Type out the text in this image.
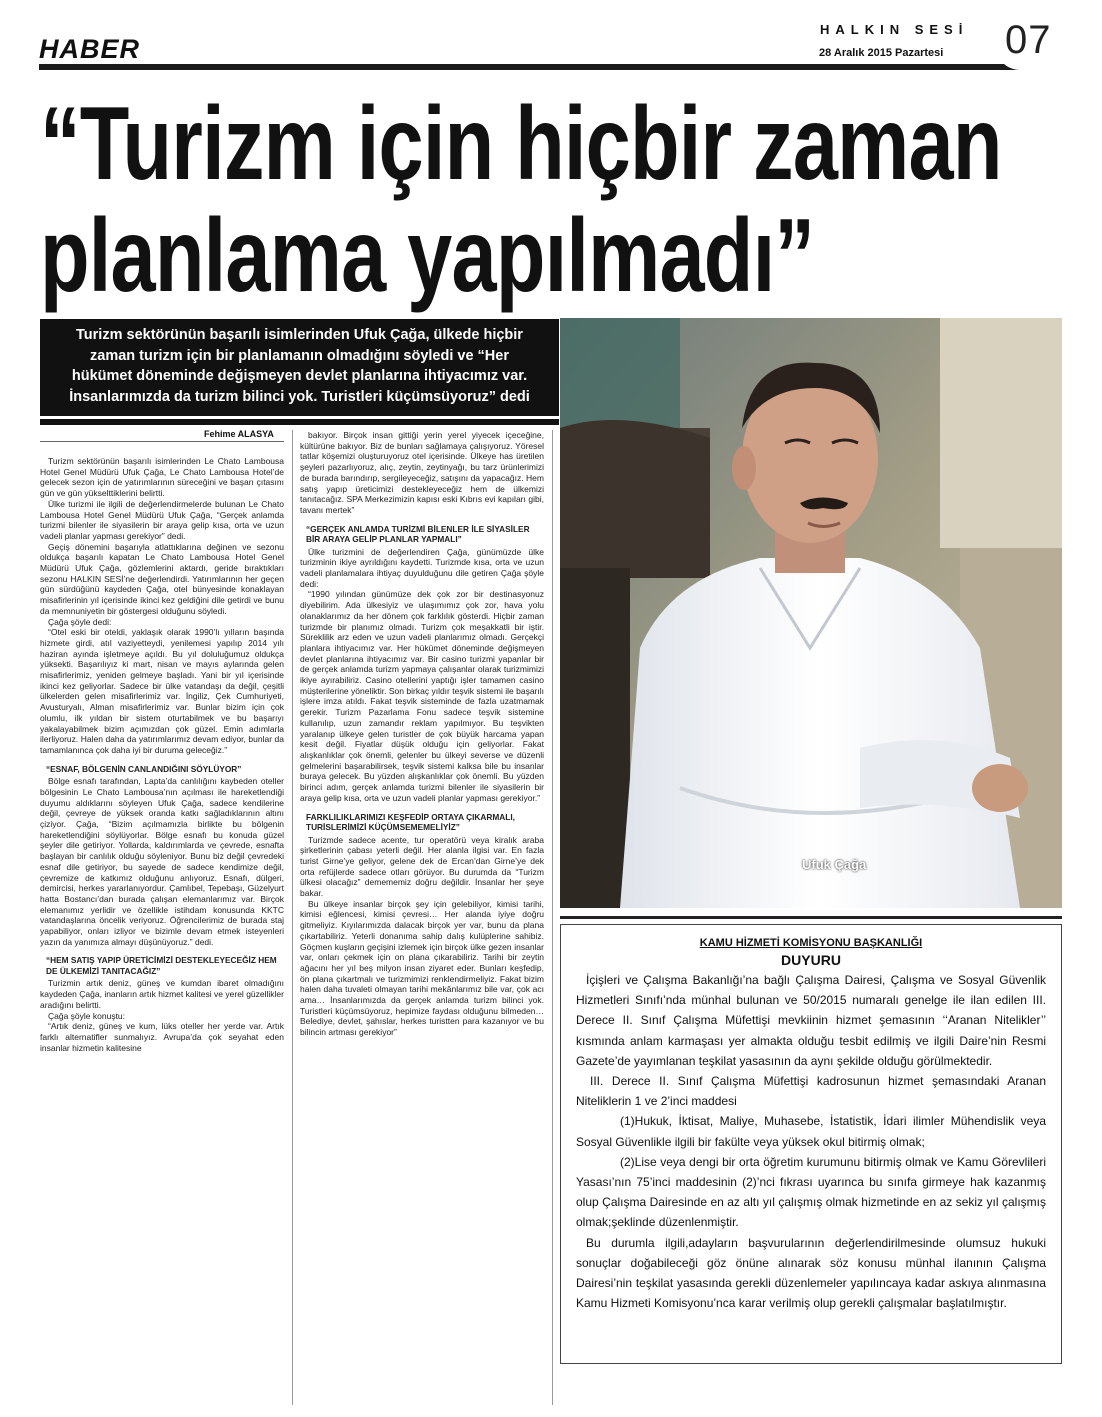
HABER
HALKIN SESİ
28 Aralık 2015 Pazartesi 07
“Turizm için hiçbir zaman
planlama yapılmadı”
Turizm sektörünün başarılı isimlerinden Ufuk Çağa, ülkede hiçbir
zaman turizm için bir planlamanın olmadığını söyledi ve “Her
hükümet döneminde değişmeyen devlet planlarına ihtiyacımız var.
İnsanlarımızda da turizm bilinci yok. Turistleri küçümsüyoruz” dedi
Ufuk Çağa
Fehime ALASYA

Turizm sektörünün başarılı isimlerinden Le Chato Lambousa Hotel Genel Müdürü Ufuk Çağa, Le Chato Lambousa Hotel’de gelecek sezon için de yatırımlarının süreceğini ve başarı çıtasını gün ve gün yükselttiklerini belirtti.

Ülke turizmi ile ilgili de değerlendirmelerde bulunan Le Chato Lambousa Hotel Genel Müdürü Ufuk Çağa, “Gerçek anlamda turizmi bilenler ile siyasilerin bir araya gelip kısa, orta ve uzun vadeli planlar yapması gerekiyor” dedi.

Geçiş dönemini başarıyla atlattıklarına değinen ve sezonu oldukça başarılı kapatan Le Chato Lambousa Hotel Genel Müdürü Ufuk Çağa, gözlemlerini aktardı, geride bıraktıkları sezonu HALKIN SESİ’ne değerlendirdi. Yatırımlarının her geçen gün sürdüğünü kaydeden Çağa, otel bünyesinde konaklayan misafirlerinin yıl içerisinde ikinci kez geldiğini dile getirdi ve bunu da memnuniyetin bir göstergesi olduğunu söyledi.

Çağa şöyle dedi:

“Otel eski bir oteldi, yaklaşık olarak 1990’lı yılların başında hizmete girdi, atıl vaziyetteydi, yenilemesi yapılıp 2014 yılı haziran ayında işletmeye açıldı. Bu yıl doluluğumuz oldukça yüksekti. Başarılıyız ki mart, nisan ve mayıs aylarında gelen misafirlerimiz, yeniden gelmeye başladı. Yani bir yıl içerisinde ikinci kez geliyorlar. Sadece bir ülke vatandaşı da değil, çeşitli ülkelerden gelen misafirlerimiz var. İngiliz, Çek Cumhuriyeti, Avusturyalı, Alman misafirlerimiz var. Bunlar bizim için çok olumlu, ilk yıldan bir sistem oturtabilmek ve bu başarıyı yakalayabilmek bizim açımızdan çok güzel. Emin adımlarla ilerliyoruz. Halen daha da yatırımlarımız devam ediyor, bunlar da tamamlanınca çok daha iyi bir duruma geleceğiz.”

“ESNAF, BÖLGENİN CANLANDIĞINI SÖYLÜYOR”

Bölge esnafı tarafından, Lapta’da canlılığını kaybeden oteller bölgesinin Le Chato Lambousa’nın açılması ile hareketlendiği duyumu aldıklarını söyleyen Ufuk Çağa, sadece kendilerine değil, çevreye de yüksek oranda katkı sağladıklarının altını çiziyor. Çağa, “Bizim açılmamızla birlikte bu bölgenin hareketlendiğini söylüyorlar. Bölge esnafı bu konuda güzel şeyler dile getiriyor. Yollarda, kaldırımlarda ve çevrede, esnafta başlayan bir canlılık olduğu söyleniyor. Bunu biz değil çevredeki esnaf dile getiriyor, bu sayede de sadece kendimize değil, çevremize de katkımız olduğunu anlıyoruz. Esnafı, dülgeri, demircisi, herkes yararlanıyordur. Çamlıbel, Tepebaşı, Güzelyurt hatta Bostancı’dan burada çalışan elemanlarımız var. Birçok elemanımız yerlidir ve özellikle istihdam konusunda KKTC vatandaşlarına öncelik veriyoruz. Öğrencilerimiz de burada staj yapabiliyor, onları izliyor ve bizimle devam etmek isteyenleri yazın da yanımıza almayı düşünüyoruz.” dedi.

“HEM SATIŞ YAPIP ÜRETİCİMİZİ DESTEKLEYECEĞİZ HEM DE ÜLKEMİZİ TANITACAĞIZ”

Turizmin artık deniz, güneş ve kumdan ibaret olmadığını kaydeden Çağa, inanların artık hizmet kalitesi ve yerel güzellikler aradığını belirtti.

Çağa şöyle konuştu:

“Artık deniz, güneş ve kum, lüks oteller her yerde var. Artık farklı alternatifler sunmalıyız. Avrupa’da çok seyahat eden insanlar hizmetin kalitesine

bakıyor. Birçok insan gittiği yerin yerel yiyecek içeceğine, kültürüne bakıyor. Biz de bunları sağlamaya çalışıyoruz. Yöresel tatlar köşemizi oluşturuyoruz otel içerisinde. Ülkeye has üretilen şeyleri pazarlıyoruz, alıç, zeytin, zeytinyağı, bu tarz ürünlerimizi de burada barındırıp, sergileyeceğiz, satışını da yapacağız. Hem satış yapıp üreticimizi destekleyeceğiz hem de ülkemizi tanıtacağız. SPA Merkezimizin kapısı eski Kıbrıs evi kapıları gibi, tavanı mertek”

“GERÇEK ANLAMDA TURİZMİ BİLENLER İLE SİYASİLER BİR ARAYA GELİP PLANLAR YAPMALI”

Ülke turizmini de değerlendiren Çağa, günümüzde ülke turizminin ikiye ayrıldığını kaydetti. Turizmde kısa, orta ve uzun vadeli planlamalara ihtiyaç duyulduğunu dile getiren Çağa şöyle dedi:

“1990 yılından günümüze dek çok zor bir destinasyonuz diyebilirim. Ada ülkesiyiz ve ulaşımımız çok zor, hava yolu olanaklarımız da her dönem çok farklılık gösterdi. Hiçbir zaman turizmde bir planımız olmadı. Turizm çok meşakkatli bir iştir. Süreklilik arz eden ve uzun vadeli planlarımız olmadı. Gerçekçi planlara ihtiyacımız var. Her hükümet döneminde değişmeyen devlet planlarına ihtiyacımız var. Bir casino turizmi yapanlar bir de gerçek anlamda turizm yapmaya çalışanlar olarak turizmimizi ikiye ayırabiliriz. Casino otellerini yaptığı işler tamamen casino müşterilerine yöneliktir. Son birkaç yıldır teşvik sistemi ile başarılı işlere imza atıldı. Fakat teşvik sisteminde de fazla uzatmamak gerekir. Turizm Pazarlama Fonu sadece teşvik sistemine kullanılıp, uzun zamandır reklam yapılmıyor. Bu teşvikten yaralanıp ülkeye gelen turistler de çok büyük harcama yapan kesit değil. Fiyatlar düşük olduğu için geliyorlar. Fakat alışkanlıklar çok önemli, gelenler bu ülkeyi severse ve düzenli gelmelerini başarabilirsek, teşvik sistemi kalksa bile bu insanlar buraya gelecek. Bu yüzden alışkanlıklar çok önemli. Bu yüzden birinci adım, gerçek anlamda turizmi bilenler ile siyasilerin bir araya gelip kısa, orta ve uzun vadeli planlar yapması gerekiyor.”

FARKLILIKLARIMIZI KEŞFEDİP ORTAYA ÇIKARMALI, TURİSLERİMİZİ KÜÇÜMSEMEMELİYİZ”

Turizmde sadece acente, tur operatörü veya kiralık araba şirketlerinin çabası yeterli değil. Her alanla ilgisi var. En fazla turist Girne’ye geliyor, gelene dek de Ercan’dan Girne’ye dek orta refüjlerde sadece otları görüyor. Bu durumda da “Turizm ülkesi olacağız” demememiz doğru değildir. İnsanlar her şeye bakar.

Bu ülkeye insanlar birçok şey için gelebiliyor, kimisi tarihi, kimisi eğlencesi, kimisi çevresi… Her alanda iyiye doğru gitmeliyiz. Kıyılarımızda dalacak birçok yer var, bunu da plana çıkartabiliriz. Yeterli donanıma sahip dalış kulüplerine sahibiz. Göçmen kuşların geçişini izlemek için birçok ülke gezen insanlar var, onları çekmek için on plana çıkarabiliriz. Tarihi bir zeytin ağacını her yıl beş milyon insan ziyaret eder. Bunları keşfedip, ön plana çıkartmalı ve turizmimizi renklendirmeliyiz. Fakat bizim halen daha tuvaleti olmayan tarihi mekânlarımız bile var, çok acı ama… İnsanlarımızda da gerçek anlamda turizm bilinci yok. Turistleri küçümsüyoruz, hepimize faydası olduğunu bilmeden… Belediye, devlet, şahıslar, herkes turistten para kazanıyor ve bu bilincin artması gerekiyor”

KAMU HİZMETİ KOMİSYONU BAŞKANLIĞI
DUYURU

İçişleri ve Çalışma Bakanlığı’na bağlı Çalışma Dairesi, Çalışma ve Sosyal Güvenlik Hizmetleri Sınıfı’nda münhal bulunan ve 50/2015 numaralı genelge ile ilan edilen III. Derece II. Sınıf Çalışma Müfettişi mevkiinin hizmet şemasının ‘‘Aranan Nitelikler’’ kısmında anlam karmaşası yer almakta olduğu tesbit edilmiş ve ilgili Daire’nin Resmi Gazete’de yayımlanan teşkilat yasasının da aynı şekilde olduğu görülmektedir.

III. Derece II. Sınıf Çalışma Müfettişi kadrosunun hizmet şemasındaki Aranan Niteliklerin 1 ve 2’inci maddesi

(1)Hukuk, İktisat, Maliye, Muhasebe, İstatistik, İdari ilimler Mühendislik veya Sosyal Güvenlikle ilgili bir fakülte veya yüksek okul bitirmiş olmak;

(2)Lise veya dengi bir orta öğretim kurumunu bitirmiş olmak ve Kamu Görevlileri Yasası’nın 75’inci maddesinin (2)’nci fıkrası uyarınca bu sınıfa girmeye hak kazanmış olup Çalışma Dairesinde en az altı yıl çalışmış olmak hizmetinde en az sekiz yıl çalışmış olmak;şeklinde düzenlenmiştir.

Bu durumla ilgili,adayların başvurularının değerlendirilmesinde olumsuz hukuki sonuçlar doğabileceği göz önüne alınarak söz konusu münhal ilanının Çalışma Dairesi’nin teşkilat yasasında gerekli düzenlemeler yapılıncaya kadar askıya alınmasına Kamu Hizmeti Komisyonu’nca karar verilmiş olup gerekli çalışmalar başlatılmıştır.
